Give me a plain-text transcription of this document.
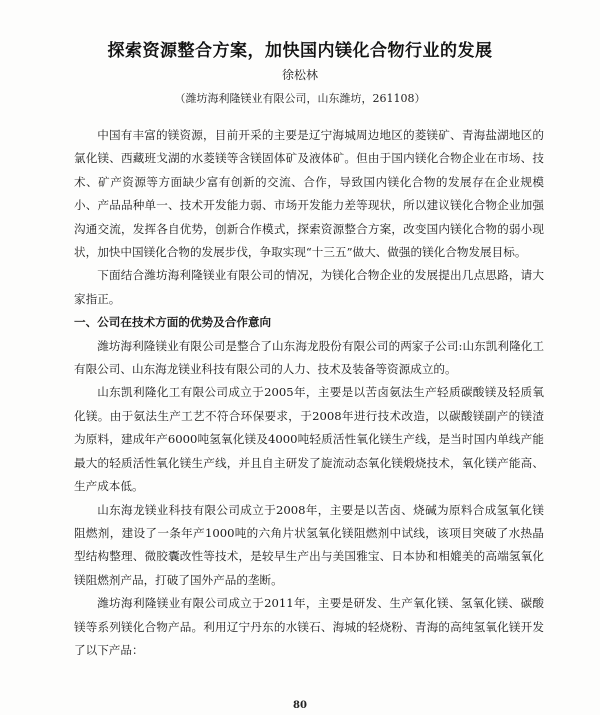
探索资源整合方案，加快国内镁化合物行业的发展
徐松林
（潍坊海利隆镁业有限公司，山东潍坊，261108）

中国有丰富的镁资源，目前开采的主要是辽宁海城周边地区的菱镁矿、青海盐湖地区的氯化镁、西藏班戈湖的水菱镁等含镁固体矿及液体矿。但由于国内镁化合物企业在市场、技术、矿产资源等方面缺少富有创新的交流、合作，导致国内镁化合物的发展存在企业规模小、产品品种单一、技术开发能力弱、市场开发能力差等现状，所以建议镁化合物企业加强沟通交流，发挥各自优势，创新合作模式，探索资源整合方案，改变国内镁化合物的弱小现状，加快中国镁化合物的发展步伐，争取实现“十三五”做大、做强的镁化合物发展目标。

下面结合潍坊海利隆镁业有限公司的情况，为镁化合物企业的发展提出几点思路，请大家指正。

一、公司在技术方面的优势及合作意向

潍坊海利隆镁业有限公司是整合了山东海龙股份有限公司的两家子公司:山东凯利隆化工有限公司、山东海龙镁业科技有限公司的人力、技术及装备等资源成立的。

山东凯利隆化工有限公司成立于2005年，主要是以苦卤氨法生产轻质碳酸镁及轻质氧化镁。由于氨法生产工艺不符合环保要求，于2008年进行技术改造，以碳酸镁副产的镁渣为原料，建成年产6000吨氢氧化镁及4000吨轻质活性氧化镁生产线，是当时国内单线产能最大的轻质活性氧化镁生产线，并且自主研发了旋流动态氧化镁煅烧技术，氧化镁产能高、生产成本低。

山东海龙镁业科技有限公司成立于2008年，主要是以苦卤、烧碱为原料合成氢氧化镁阻燃剂，建设了一条年产1000吨的六角片状氢氧化镁阻燃剂中试线，该项目突破了水热晶型结构整理、微胶囊改性等技术，是较早生产出与美国雅宝、日本协和相媲美的高端氢氧化镁阻燃剂产品，打破了国外产品的垄断。

潍坊海利隆镁业有限公司成立于2011年，主要是研发、生产氧化镁、氢氧化镁、碳酸镁等系列镁化合物产品。利用辽宁丹东的水镁石、海城的轻烧粉、青海的高纯氢氧化镁开发了以下产品：

80
